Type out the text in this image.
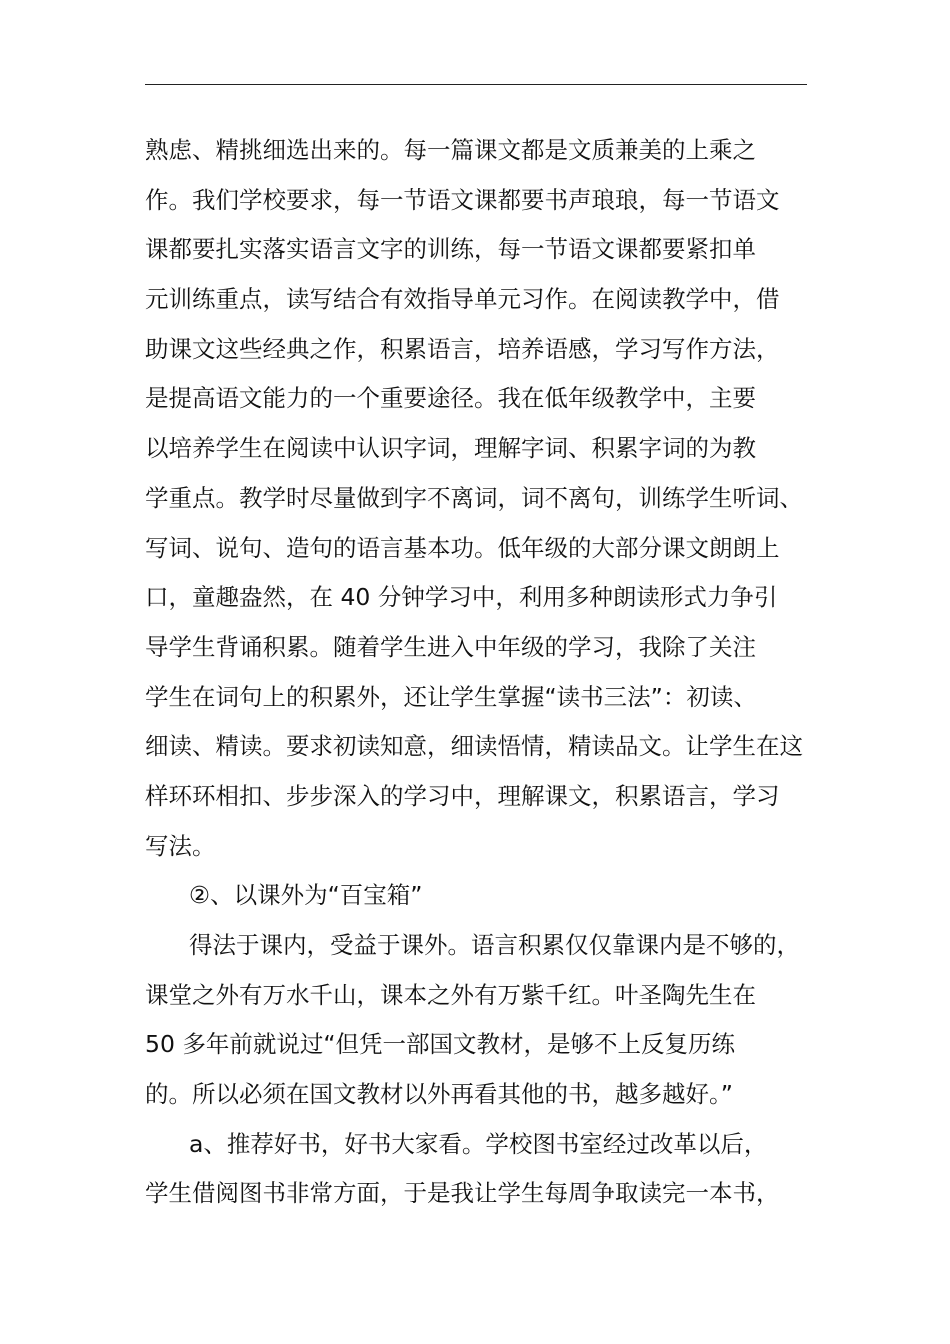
熟虑、精挑细选出来的。每一篇课文都是文质兼美的上乘之
作。我们学校要求，每一节语文课都要书声琅琅，每一节语文
课都要扎实落实语言文字的训练，每一节语文课都要紧扣单
元训练重点，读写结合有效指导单元习作。在阅读教学中，借
助课文这些经典之作，积累语言，培养语感，学习写作方法，
是提高语文能力的一个重要途径。我在低年级教学中，主要
以培养学生在阅读中认识字词，理解字词、积累字词的为教
学重点。教学时尽量做到字不离词，词不离句，训练学生听词、
写词、说句、造句的语言基本功。低年级的大部分课文朗朗上
口，童趣盎然，在 40 分钟学习中，利用多种朗读形式力争引
导学生背诵积累。随着学生进入中年级的学习，我除了关注
学生在词句上的积累外，还让学生掌握“读书三法”：初读、
细读、精读。要求初读知意，细读悟情，精读品文。让学生在这
样环环相扣、步步深入的学习中，理解课文，积累语言，学习
写法。
②、以课外为“百宝箱”
得法于课内，受益于课外。语言积累仅仅靠课内是不够的，
课堂之外有万水千山，课本之外有万紫千红。叶圣陶先生在
50 多年前就说过“但凭一部国文教材，是够不上反复历练
的。所以必须在国文教材以外再看其他的书，越多越好。”
a、推荐好书，好书大家看。学校图书室经过改革以后，
学生借阅图书非常方面，于是我让学生每周争取读完一本书，
